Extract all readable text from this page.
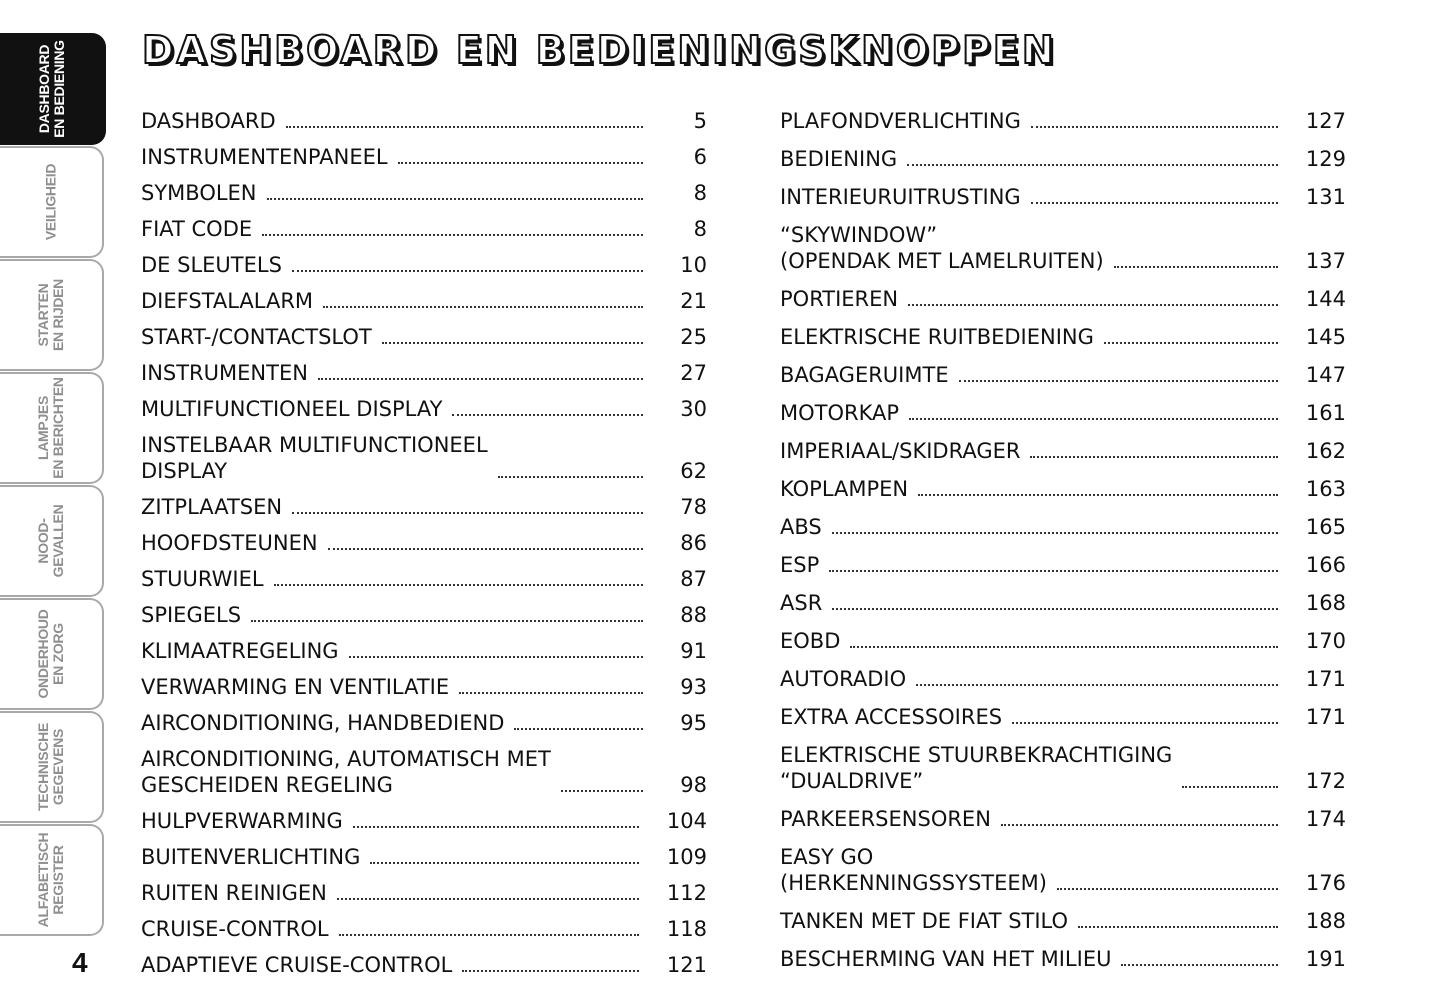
DASHBOARD EN BEDIENINGSKNOPPEN
DASHBOARD EN BEDIENING
VEILIGHEID
STARTEN EN RIJDEN
LAMPJES EN BERICHTEN
NOOD- GEVALLEN
ONDERHOUD EN ZORG
TECHNISCHE GEGEVENS
ALFABETISCH REGISTER
4
DASHBOARD	5
INSTRUMENTENPANEEL	6
SYMBOLEN	8
FIAT CODE	8
DE SLEUTELS	10
DIEFSTALALARM	21
START-/CONTACTSLOT	25
INSTRUMENTEN	27
MULTIFUNCTIONEEL DISPLAY	30
INSTELBAAR MULTIFUNCTIONEEL
DISPLAY	62
ZITPLAATSEN	78
HOOFDSTEUNEN	86
STUURWIEL	87
SPIEGELS	88
KLIMAATREGELING	91
VERWARMING EN VENTILATIE	93
AIRCONDITIONING, HANDBEDIEND	95
AIRCONDITIONING, AUTOMATISCH MET
GESCHEIDEN REGELING	98
HULPVERWARMING	104
BUITENVERLICHTING	109
RUITEN REINIGEN	112
CRUISE-CONTROL	118
ADAPTIEVE CRUISE-CONTROL	121
PLAFONDVERLICHTING	127
BEDIENING	129
INTERIEURUITRUSTING	131
“SKYWINDOW”
(OPENDAK MET LAMELRUITEN)	137
PORTIEREN	144
ELEKTRISCHE RUITBEDIENING	145
BAGAGERUIMTE	147
MOTORKAP	161
IMPERIAAL/SKIDRAGER	162
KOPLAMPEN	163
ABS	165
ESP	166
ASR	168
EOBD	170
AUTORADIO	171
EXTRA ACCESSOIRES	171
ELEKTRISCHE STUURBEKRACHTIGING
“DUALDRIVE”	172
PARKEERSENSOREN	174
EASY GO
(HERKENNINGSSYSTEEM)	176
TANKEN MET DE FIAT STILO	188
BESCHERMING VAN HET MILIEU	191
